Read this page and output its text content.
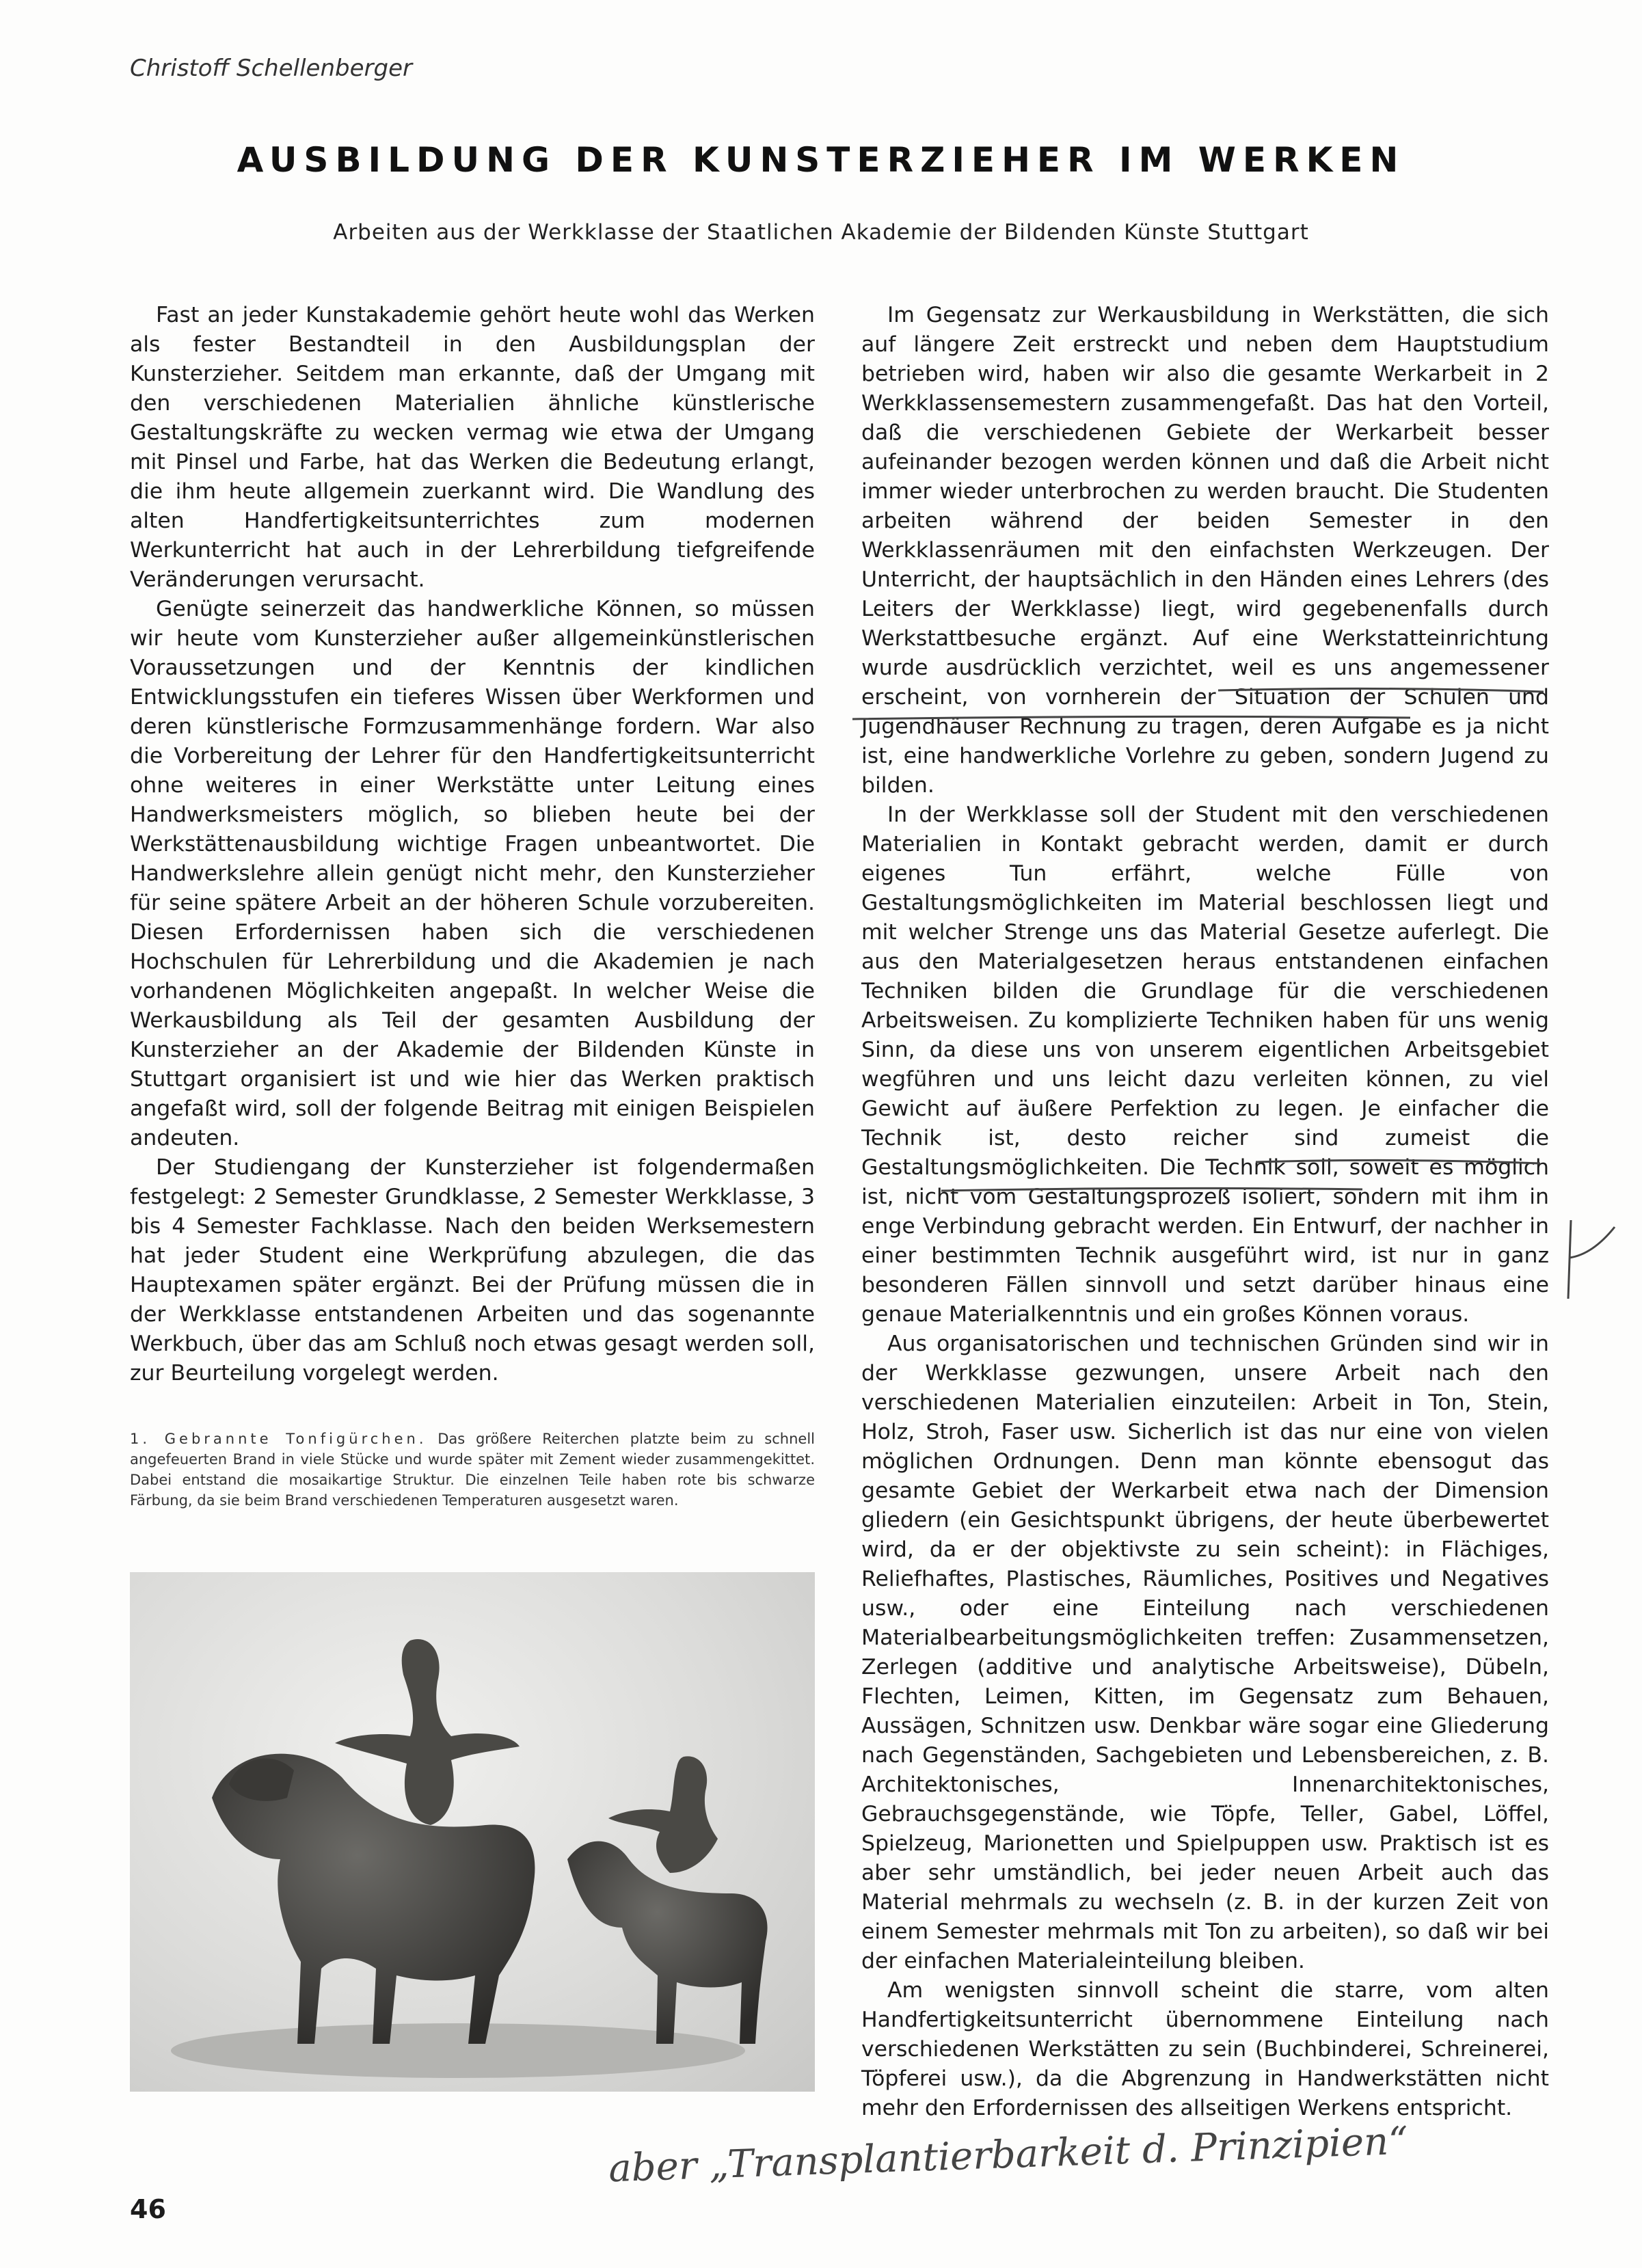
Christoff Schellenberger
AUSBILDUNG DER KUNSTERZIEHER IM WERKEN
Arbeiten aus der Werkklasse der Staatlichen Akademie der Bildenden Künste Stuttgart

Fast an jeder Kunstakademie gehört heute wohl das Werken als fester Bestandteil in den Ausbildungsplan der Kunsterzieher. Seitdem man erkannte, daß der Umgang mit den verschiedenen Materialien ähnliche künstlerische Gestaltungskräfte zu wecken vermag wie etwa der Umgang mit Pinsel und Farbe, hat das Werken die Bedeutung erlangt, die ihm heute allgemein zuerkannt wird. Die Wandlung des alten Handfertigkeitsunterrichtes zum modernen Werkunterricht hat auch in der Lehrerbildung tiefgreifende Veränderungen verursacht.

Genügte seinerzeit das handwerkliche Können, so müssen wir heute vom Kunsterzieher außer allgemeinkünstlerischen Voraussetzungen und der Kenntnis der kindlichen Entwicklungsstufen ein tieferes Wissen über Werkformen und deren künstlerische Formzusammenhänge fordern. War also die Vorbereitung der Lehrer für den Handfertigkeitsunterricht ohne weiteres in einer Werkstätte unter Leitung eines Handwerksmeisters möglich, so blieben heute bei der Werkstättenausbildung wichtige Fragen unbeantwortet. Die Handwerkslehre allein genügt nicht mehr, den Kunsterzieher für seine spätere Arbeit an der höheren Schule vorzubereiten. Diesen Erfordernissen haben sich die verschiedenen Hochschulen für Lehrerbildung und die Akademien je nach vorhandenen Möglichkeiten angepaßt. In welcher Weise die Werkausbildung als Teil der gesamten Ausbildung der Kunsterzieher an der Akademie der Bildenden Künste in Stuttgart organisiert ist und wie hier das Werken praktisch angefaßt wird, soll der folgende Beitrag mit einigen Beispielen andeuten.

Der Studiengang der Kunsterzieher ist folgendermaßen festgelegt: 2 Semester Grundklasse, 2 Semester Werkklasse, 3 bis 4 Semester Fachklasse. Nach den beiden Werksemestern hat jeder Student eine Werkprüfung abzulegen, die das Hauptexamen später ergänzt. Bei der Prüfung müssen die in der Werkklasse entstandenen Arbeiten und das sogenannte Werkbuch, über das am Schluß noch etwas gesagt werden soll, zur Beurteilung vorgelegt werden.

1. Gebrannte Tonfigürchen. Das größere Reiterchen platzte beim zu schnell angefeuerten Brand in viele Stücke und wurde später mit Zement wieder zusammengekittet. Dabei entstand die mosaikartige Struktur. Die einzelnen Teile haben rote bis schwarze Färbung, da sie beim Brand verschiedenen Temperaturen ausgesetzt waren.

Im Gegensatz zur Werkausbildung in Werkstätten, die sich auf längere Zeit erstreckt und neben dem Hauptstudium betrieben wird, haben wir also die gesamte Werkarbeit in 2 Werkklassensemestern zusammengefaßt. Das hat den Vorteil, daß die verschiedenen Gebiete der Werkarbeit besser aufeinander bezogen werden können und daß die Arbeit nicht immer wieder unterbrochen zu werden braucht. Die Studenten arbeiten während der beiden Semester in den Werkklassenräumen mit den einfachsten Werkzeugen. Der Unterricht, der hauptsächlich in den Händen eines Lehrers (des Leiters der Werkklasse) liegt, wird gegebenenfalls durch Werkstattbesuche ergänzt. Auf eine Werkstatteinrichtung wurde ausdrücklich verzichtet, weil es uns angemessener erscheint, von vornherein der Situation der Schulen und Jugendhäuser Rechnung zu tragen, deren Aufgabe es ja nicht ist, eine handwerkliche Vorlehre zu geben, sondern Jugend zu bilden.

In der Werkklasse soll der Student mit den verschiedenen Materialien in Kontakt gebracht werden, damit er durch eigenes Tun erfährt, welche Fülle von Gestaltungsmöglichkeiten im Material beschlossen liegt und mit welcher Strenge uns das Material Gesetze auferlegt. Die aus den Materialgesetzen heraus entstandenen einfachen Techniken bilden die Grundlage für die verschiedenen Arbeitsweisen. Zu komplizierte Techniken haben für uns wenig Sinn, da diese uns von unserem eigentlichen Arbeitsgebiet wegführen und uns leicht dazu verleiten können, zu viel Gewicht auf äußere Perfektion zu legen. Je einfacher die Technik ist, desto reicher sind zumeist die Gestaltungsmöglichkeiten. Die Technik soll, soweit es möglich ist, nicht vom Gestaltungsprozeß isoliert, sondern mit ihm in enge Verbindung gebracht werden. Ein Entwurf, der nachher in einer bestimmten Technik ausgeführt wird, ist nur in ganz besonderen Fällen sinnvoll und setzt darüber hinaus eine genaue Materialkenntnis und ein großes Können voraus.

Aus organisatorischen und technischen Gründen sind wir in der Werkklasse gezwungen, unsere Arbeit nach den verschiedenen Materialien einzuteilen: Arbeit in Ton, Stein, Holz, Stroh, Faser usw. Sicherlich ist das nur eine von vielen möglichen Ordnungen. Denn man könnte ebensogut das gesamte Gebiet der Werkarbeit etwa nach der Dimension gliedern (ein Gesichtspunkt übrigens, der heute überbewertet wird, da er der objektivste zu sein scheint): in Flächiges, Reliefhaftes, Plastisches, Räumliches, Positives und Negatives usw., oder eine Einteilung nach verschiedenen Materialbearbeitungsmöglichkeiten treffen: Zusammensetzen, Zerlegen (additive und analytische Arbeitsweise), Dübeln, Flechten, Leimen, Kitten, im Gegensatz zum Behauen, Aussägen, Schnitzen usw. Denkbar wäre sogar eine Gliederung nach Gegenständen, Sachgebieten und Lebensbereichen, z. B. Architektonisches, Innenarchitektonisches, Gebrauchsgegenstände, wie Töpfe, Teller, Gabel, Löffel, Spielzeug, Marionetten und Spielpuppen usw. Praktisch ist es aber sehr umständlich, bei jeder neuen Arbeit auch das Material mehrmals zu wechseln (z. B. in der kurzen Zeit von einem Semester mehrmals mit Ton zu arbeiten), so daß wir bei der einfachen Materialeinteilung bleiben.

Am wenigsten sinnvoll scheint die starre, vom alten Handfertigkeitsunterricht übernommene Einteilung nach verschiedenen Werkstätten zu sein (Buchbinderei, Schreinerei, Töpferei usw.), da die Abgrenzung in Handwerkstätten nicht mehr den Erfordernissen des allseitigen Werkens entspricht.

46
aber „Transplantierbarkeit d. Prinzipien“
